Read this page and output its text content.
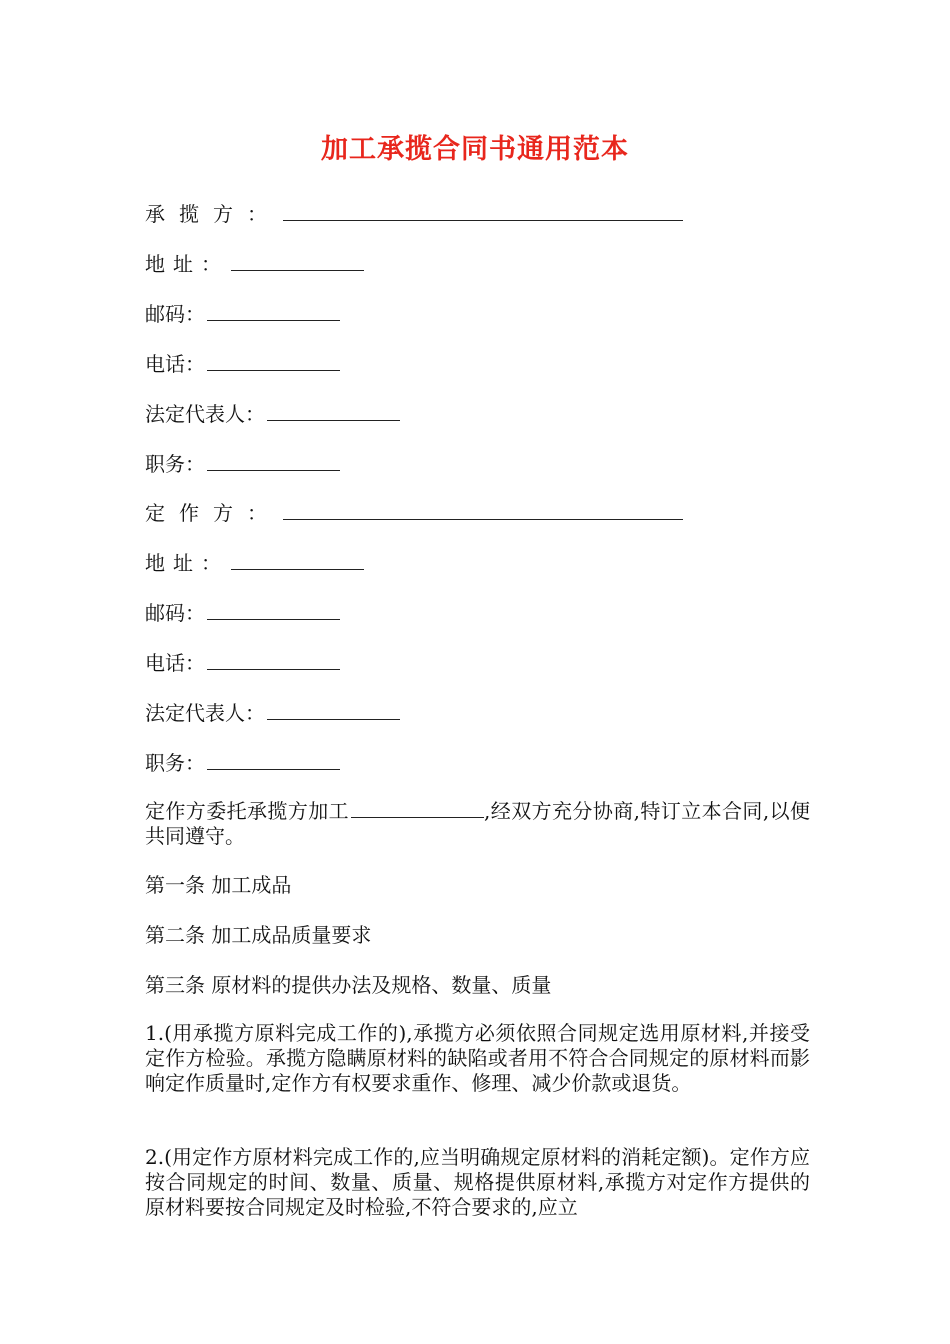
加工承揽合同书通用范本
承揽方：
地址：
邮码：
电话：
法定代表人：
职务：
定作方：
地址：
邮码：
电话：
法定代表人：
职务：
定作方委托承揽方加工	,经双方充分协商,特订立本合同,以便共同遵守。
第一条 加工成品
第二条 加工成品质量要求
第三条 原材料的提供办法及规格、数量、质量
1.(用承揽方原料完成工作的),承揽方必须依照合同规定选用原材料,并接受定作方检验。承揽方隐瞒原材料的缺陷或者用不符合合同规定的原材料而影响定作质量时,定作方有权要求重作、修理、减少价款或退货。
2.(用定作方原材料完成工作的,应当明确规定原材料的消耗定额)。定作方应按合同规定的时间、数量、质量、规格提供原材料,承揽方对定作方提供的原材料要按合同规定及时检验,不符合要求的,应立
